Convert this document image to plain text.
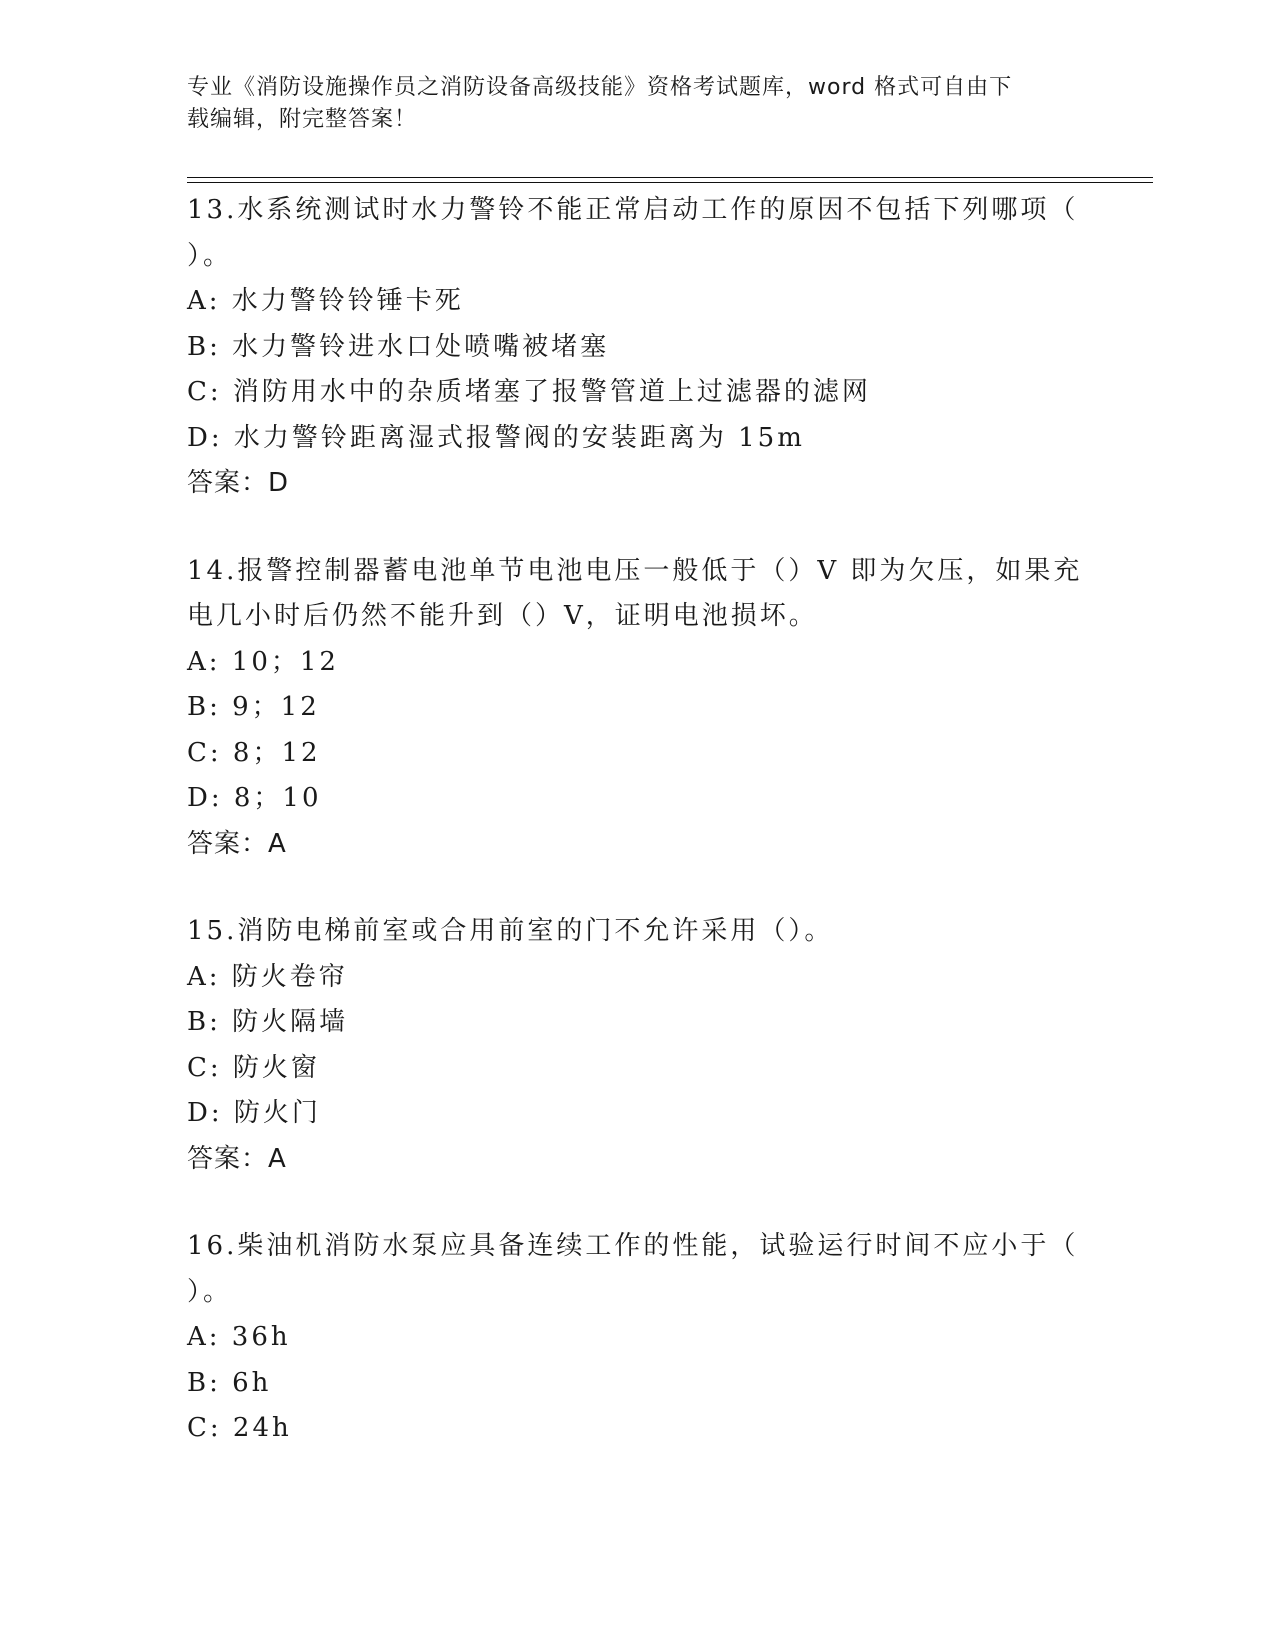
专业《消防设施操作员之消防设备高级技能》资格考试题库，word 格式可自由下
载编辑，附完整答案！
13.水系统测试时水力警铃不能正常启动工作的原因不包括下列哪项（
）。
A: 水力警铃铃锤卡死
B: 水力警铃进水口处喷嘴被堵塞
C: 消防用水中的杂质堵塞了报警管道上过滤器的滤网
D: 水力警铃距离湿式报警阀的安装距离为 15m
答案：D
14.报警控制器蓄电池单节电池电压一般低于（）V 即为欠压，如果充
电几小时后仍然不能升到（）V，证明电池损坏。
A: 10；12
B: 9；12
C: 8；12
D: 8；10
答案：A
15.消防电梯前室或合用前室的门不允许采用（）。
A: 防火卷帘
B: 防火隔墙
C: 防火窗
D: 防火门
答案：A
16.柴油机消防水泵应具备连续工作的性能，试验运行时间不应小于（
）。
A: 36h
B: 6h
C: 24h
